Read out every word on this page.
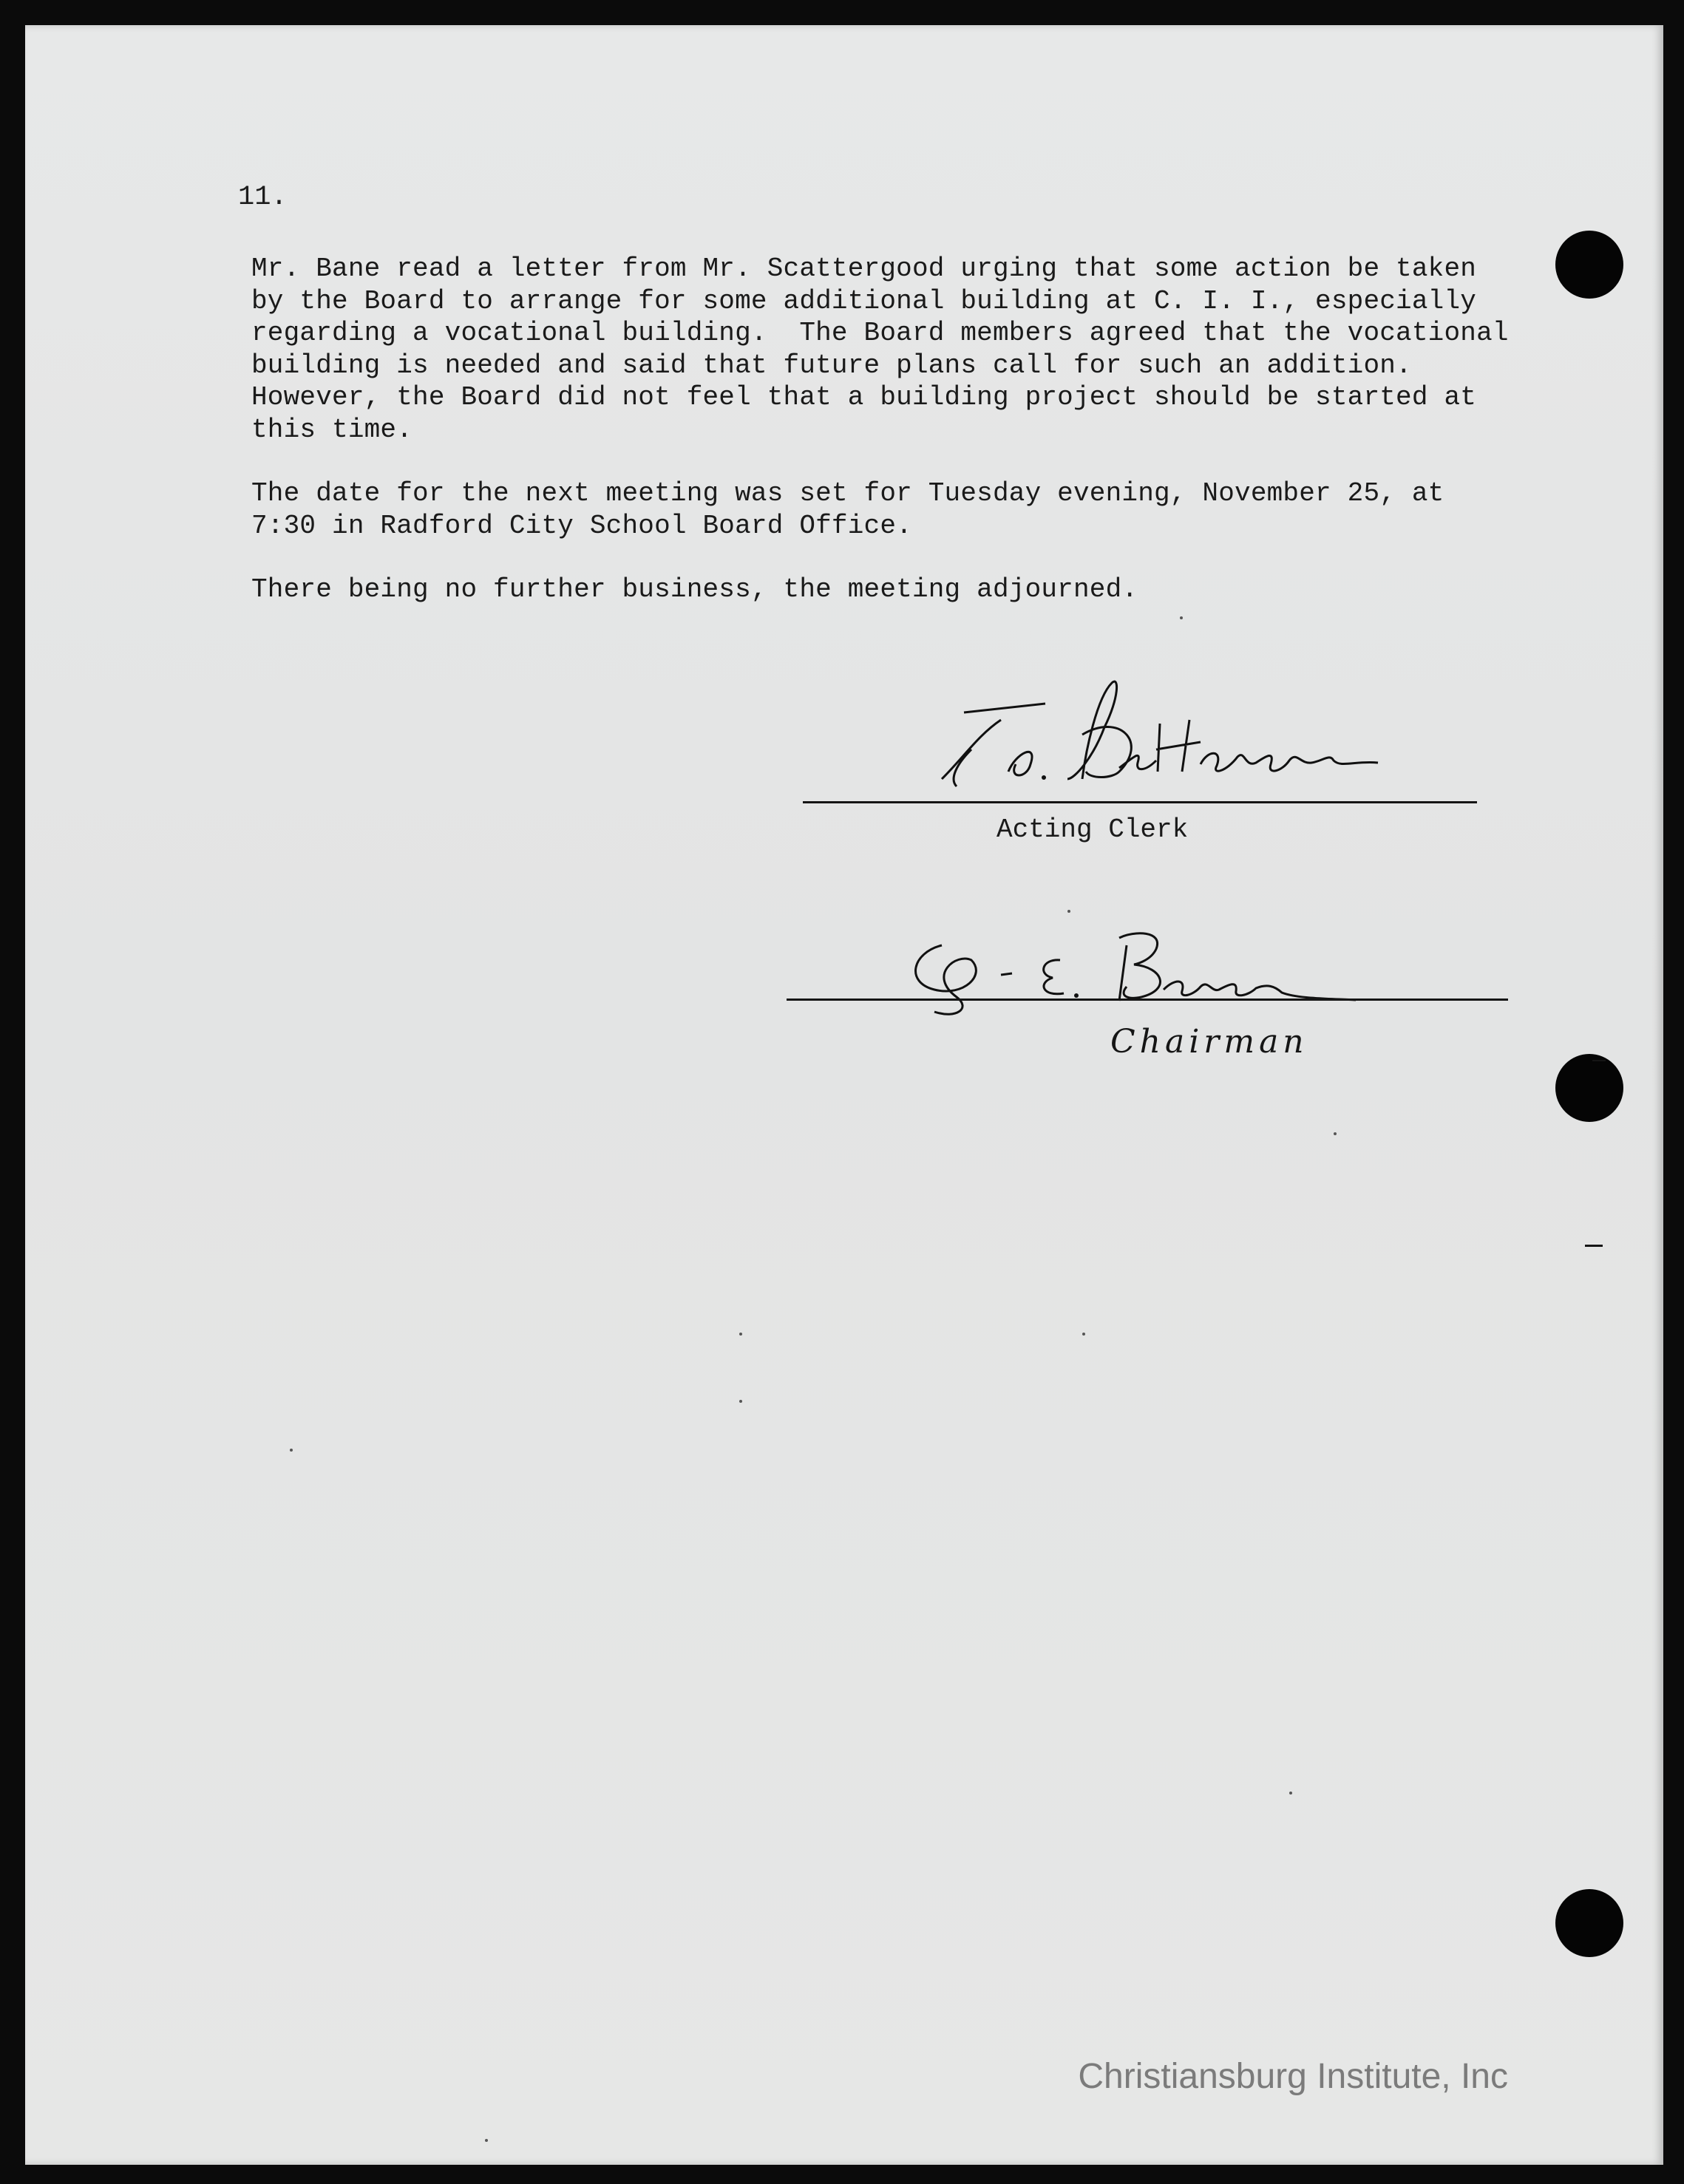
11.

Mr. Bane read a letter from Mr. Scattergood urging that some action be taken
by the Board to arrange for some additional building at C. I. I., especially
regarding a vocational building.  The Board members agreed that the vocational
building is needed and said that future plans call for such an addition.
However, the Board did not feel that a building project should be started at
this time.

The date for the next meeting was set for Tuesday evening, November 25, at
7:30 in Radford City School Board Office.

There being no further business, the meeting adjourned.

Acting Clerk
Chairman
Christiansburg Institute, Inc
